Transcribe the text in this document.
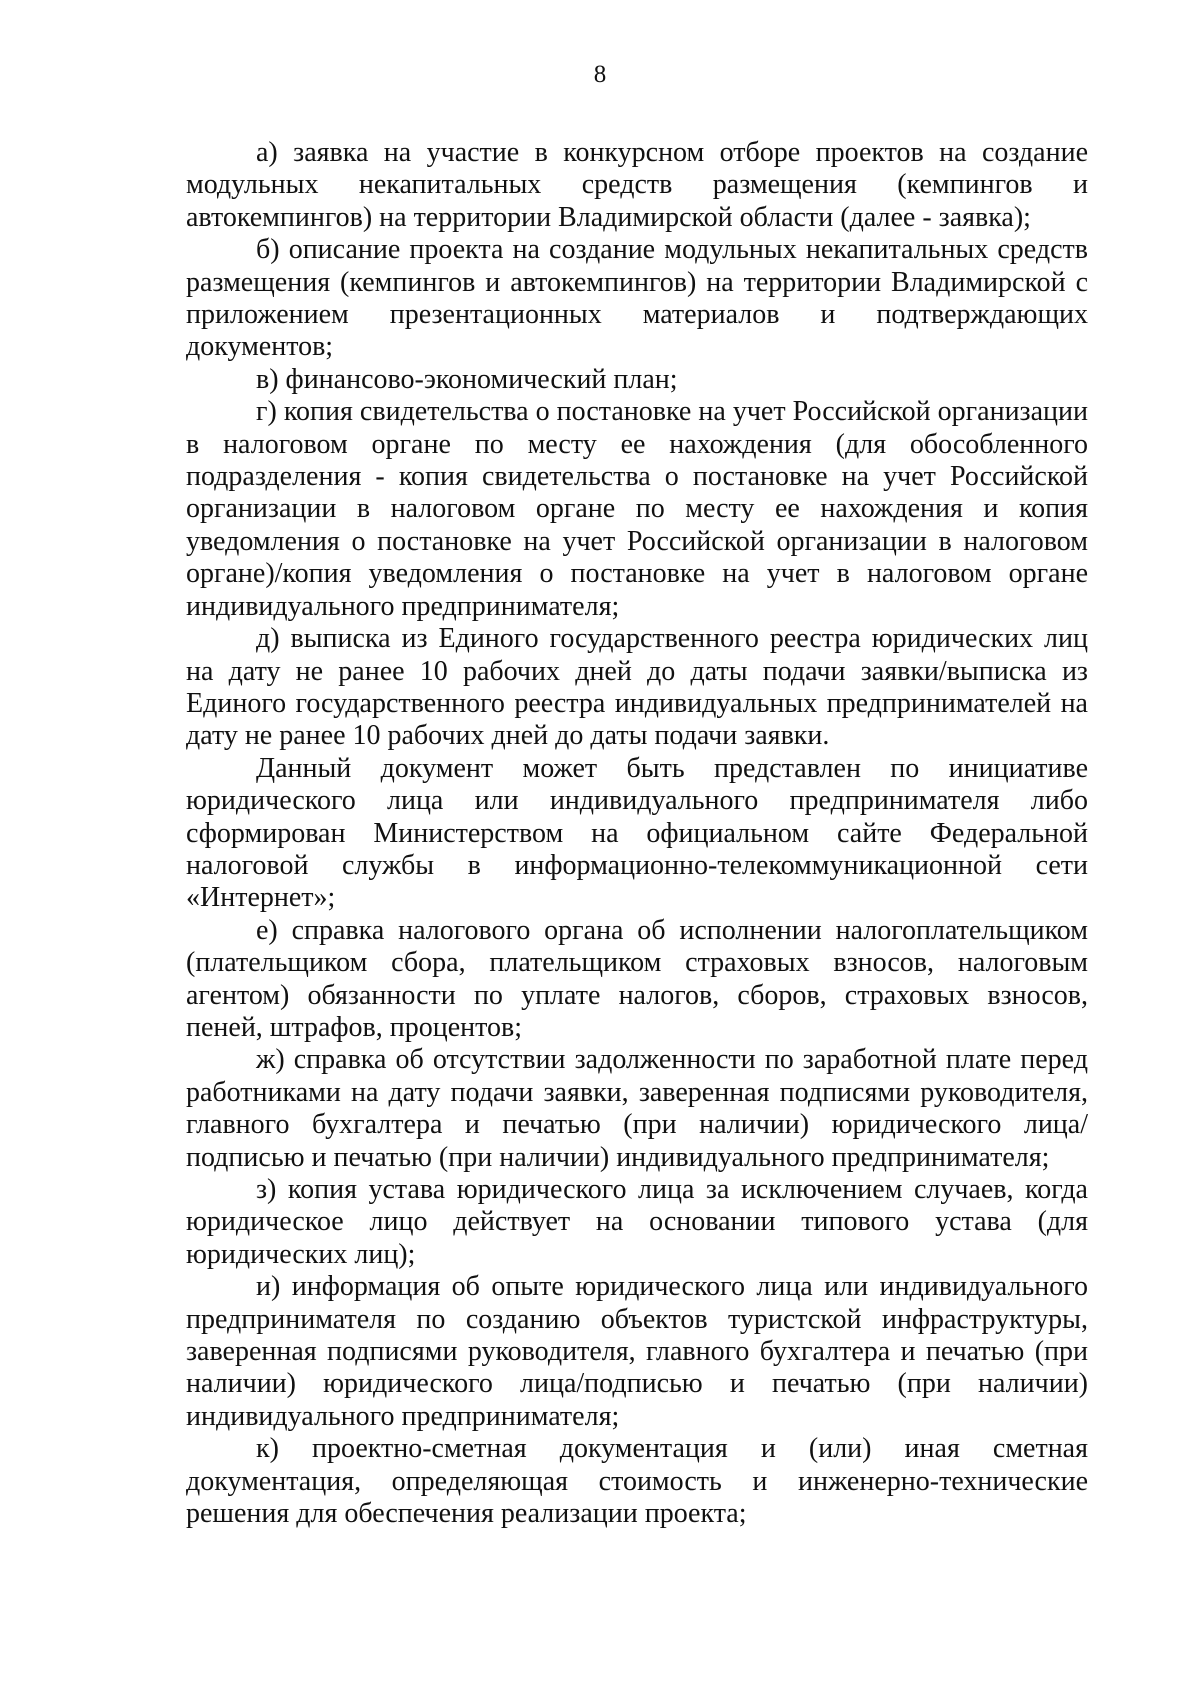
8

а) заявка на участие в конкурсном отборе проектов на создание модульных некапитальных средств размещения (кемпингов и автокемпингов) на территории Владимирской области (далее - заявка);

б) описание проекта на создание модульных некапитальных средств размещения (кемпингов и автокемпингов) на территории Владимирской с приложением презентационных материалов и подтверждающих документов;

в) финансово-экономический план;

г) копия свидетельства о постановке на учет Российской организации в налоговом органе по месту ее нахождения (для обособленного подразделения - копия свидетельства о постановке на учет Российской организации в налоговом органе по месту ее нахождения и копия уведомления о постановке на учет Российской организации в налоговом органе)/копия уведомления о постановке на учет в налоговом органе индивидуального предпринимателя;

д) выписка из Единого государственного реестра юридических лиц на дату не ранее 10 рабочих дней до даты подачи заявки/выписка из Единого государственного реестра индивидуальных предпринимателей на дату не ранее 10 рабочих дней до даты подачи заявки.

Данный документ может быть представлен по инициативе юридического лица или индивидуального предпринимателя либо сформирован Министерством на официальном сайте Федеральной налоговой службы в информационно-телекоммуникационной сети «Интернет»;

е) справка налогового органа об исполнении налогоплательщиком (плательщиком сбора, плательщиком страховых взносов, налоговым агентом) обязанности по уплате налогов, сборов, страховых взносов, пеней, штрафов, процентов;

ж) справка об отсутствии задолженности по заработной плате перед работниками на дату подачи заявки, заверенная подписями руководителя, главного бухгалтера и печатью (при наличии) юридического лица/подписью и печатью (при наличии) индивидуального предпринимателя;

з) копия устава юридического лица за исключением случаев, когда юридическое лицо действует на основании типового устава (для юридических лиц);

и) информация об опыте юридического лица или индивидуального предпринимателя по созданию объектов туристской инфраструктуры, заверенная подписями руководителя, главного бухгалтера и печатью (при наличии) юридического лица/подписью и печатью (при наличии) индивидуального предпринимателя;

к) проектно-сметная документация и (или) иная сметная документация, определяющая стоимость и инженерно-технические решения для обеспечения реализации проекта;
